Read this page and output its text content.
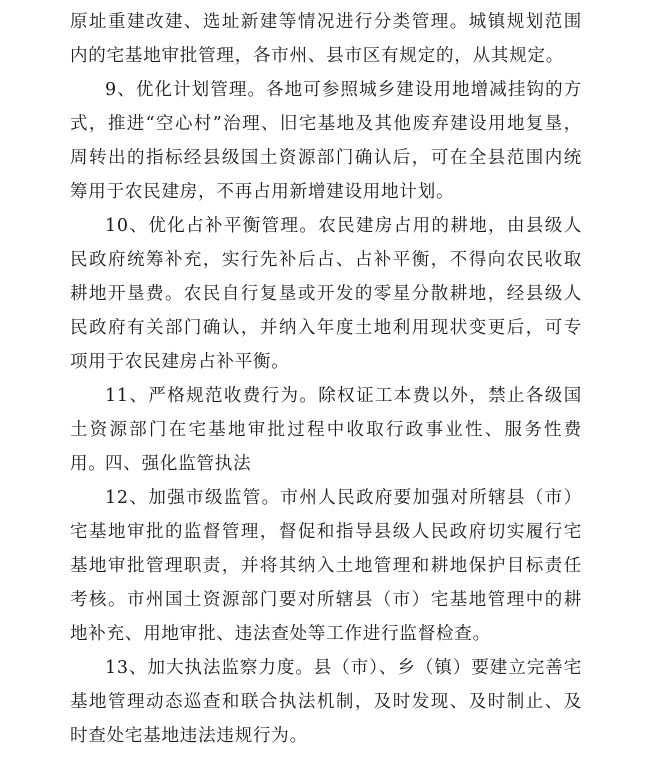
原址重建改建、选址新建等情况进行分类管理。城镇规划范围内的宅基地审批管理，各市州、县市区有规定的，从其规定。

9、优化计划管理。各地可参照城乡建设用地增减挂钩的方式，推进“空心村”治理、旧宅基地及其他废弃建设用地复垦，周转出的指标经县级国土资源部门确认后，可在全县范围内统筹用于农民建房，不再占用新增建设用地计划。

10、优化占补平衡管理。农民建房占用的耕地，由县级人民政府统筹补充，实行先补后占、占补平衡，不得向农民收取耕地开垦费。农民自行复垦或开发的零星分散耕地，经县级人民政府有关部门确认，并纳入年度土地利用现状变更后，可专项用于农民建房占补平衡。

11、严格规范收费行为。除权证工本费以外，禁止各级国土资源部门在宅基地审批过程中收取行政事业性、服务性费用。

四、强化监管执法

12、加强市级监管。市州人民政府要加强对所辖县（市）宅基地审批的监督管理，督促和指导县级人民政府切实履行宅基地审批管理职责，并将其纳入土地管理和耕地保护目标责任考核。市州国土资源部门要对所辖县（市）宅基地管理中的耕地补充、用地审批、违法查处等工作进行监督检查。

13、加大执法监察力度。县（市）、乡（镇）要建立完善宅基地管理动态巡查和联合执法机制，及时发现、及时制止、及时查处宅基地违法违规行为。
